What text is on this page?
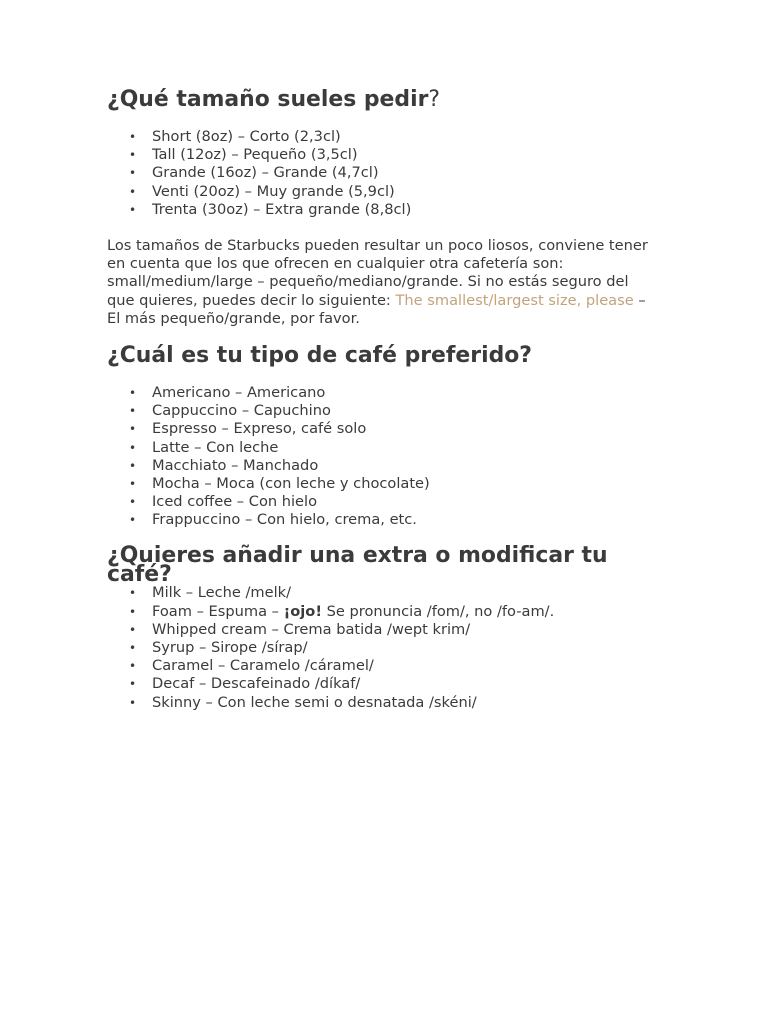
¿Qué tamaño sueles pedir?
• Short (8oz) – Corto (2,3cl)
• Tall (12oz) – Pequeño (3,5cl)
• Grande (16oz) – Grande (4,7cl)
• Venti (20oz) – Muy grande (5,9cl)
• Trenta (30oz) – Extra grande (8,8cl)

Los tamaños de Starbucks pueden resultar un poco liosos, conviene tener en cuenta que los que ofrecen en cualquier otra cafetería son: small/medium/large – pequeño/mediano/grande. Si no estás seguro del que quieres, puedes decir lo siguiente: The smallest/largest size, please – El más pequeño/grande, por favor.

¿Cuál es tu tipo de café preferido?
• Americano – Americano
• Cappuccino – Capuchino
• Espresso – Expreso, café solo
• Latte – Con leche
• Macchiato – Manchado
• Mocha – Moca (con leche y chocolate)
• Iced coffee – Con hielo
• Frappuccino – Con hielo, crema, etc.
¿Quieres añadir una extra o modificar tu café?
• Milk – Leche /melk/
• Foam – Espuma – ¡ojo! Se pronuncia /fom/, no /fo-am/.
• Whipped cream – Crema batida /wept krim/
• Syrup – Sirope /sírap/
• Caramel – Caramelo /cáramel/
• Decaf – Descafeinado /díkaf/
• Skinny – Con leche semi o desnatada /skéni/
